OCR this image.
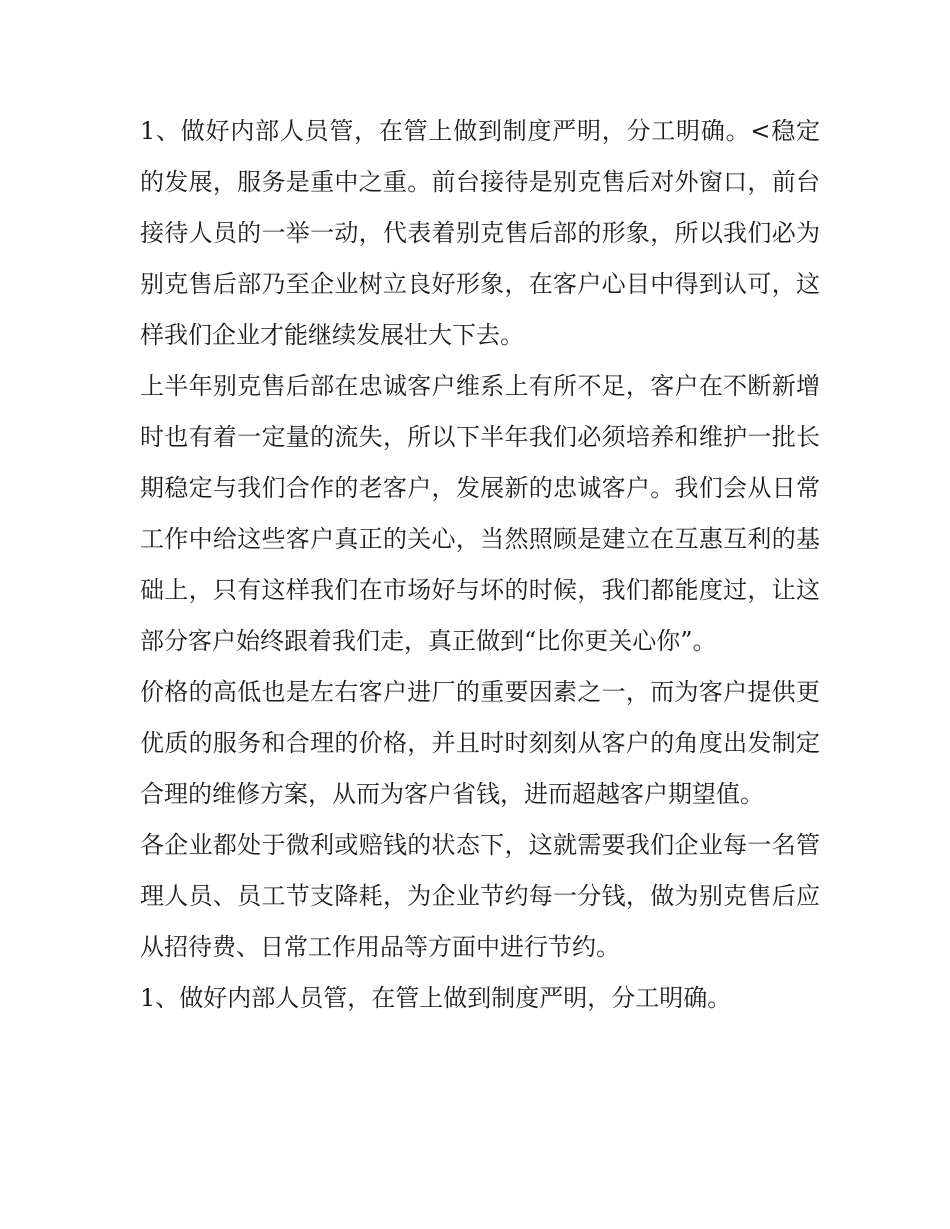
1、做好内部人员管，在管上做到制度严明，分工明确。<稳定的发展，服务是重中之重。前台接待是别克售后对外窗口，前台接待人员的一举一动，代表着别克售后部的形象，所以我们必为别克售后部乃至企业树立良好形象，在客户心目中得到认可，这样我们企业才能继续发展壮大下去。

上半年别克售后部在忠诚客户维系上有所不足，客户在不断新增时也有着一定量的流失，所以下半年我们必须培养和维护一批长期稳定与我们合作的老客户，发展新的忠诚客户。我们会从日常工作中给这些客户真正的关心，当然照顾是建立在互惠互利的基础上，只有这样我们在市场好与坏的时候，我们都能度过，让这部分客户始终跟着我们走，真正做到“比你更关心你”。

价格的高低也是左右客户进厂的重要因素之一，而为客户提供更优质的服务和合理的价格，并且时时刻刻从客户的角度出发制定合理的维修方案，从而为客户省钱，进而超越客户期望值。

各企业都处于微利或赔钱的状态下，这就需要我们企业每一名管理人员、员工节支降耗，为企业节约每一分钱，做为别克售后应从招待费、日常工作用品等方面中进行节约。

1、做好内部人员管，在管上做到制度严明，分工明确。
